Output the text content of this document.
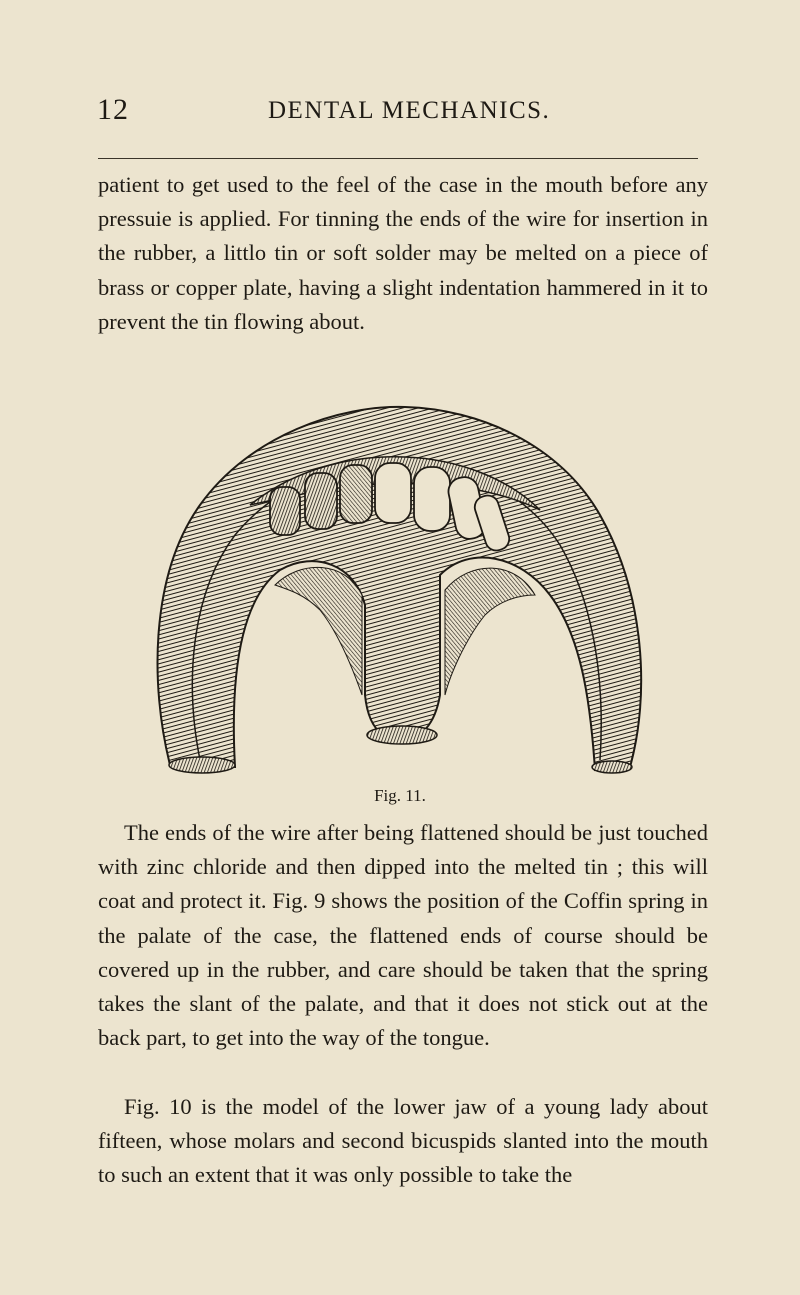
12	DENTAL MECHANICS.

patient to get used to the feel of the case in the mouth before any pressuie is applied. For tinning the ends of the wire for insertion in the rubber, a littlo tin or soft solder may be melted on a piece of brass or copper plate, having a slight indentation hammered in it to prevent the tin flowing about.

Fig. 11.

The ends of the wire after being flattened should be just touched with zinc chloride and then dipped into the melted tin ; this will coat and protect it. Fig. 9 shows the position of the Coffin spring in the palate of the case, the flattened ends of course should be covered up in the rubber, and care should be taken that the spring takes the slant of the palate, and that it does not stick out at the back part, to get into the way of the tongue.

Fig. 10 is the model of the lower jaw of a young lady about fifteen, whose molars and second bicuspids slanted into the mouth to such an extent that it was only possible to take the
